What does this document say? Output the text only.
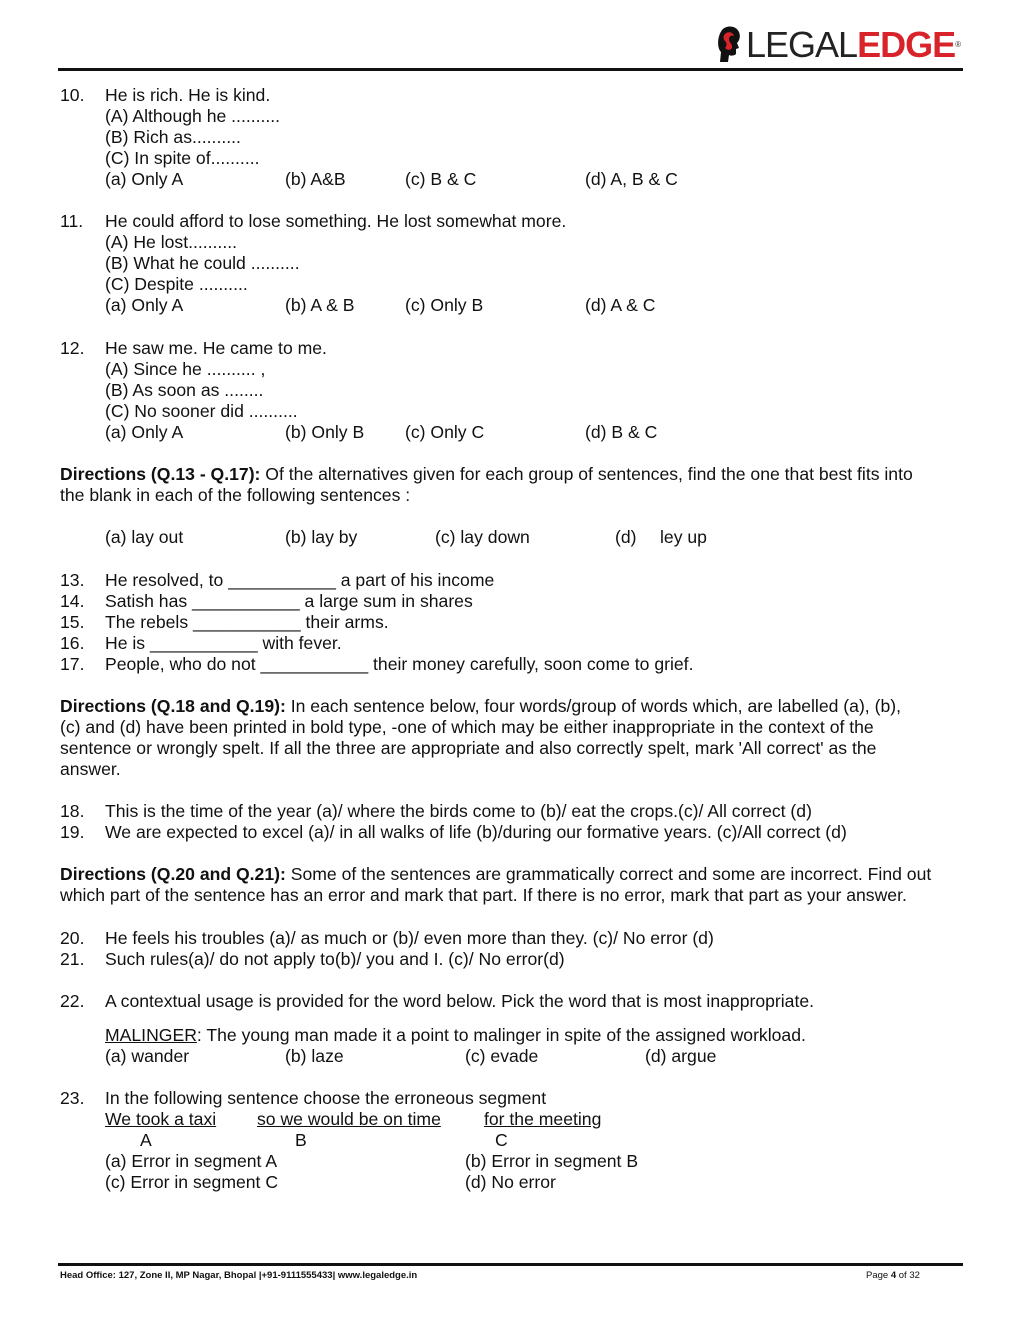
LEGALEDGE®
10. He is rich. He is kind.
(A) Although he ..........
(B) Rich as..........
(C) In spite of..........
(a) Only A	(b) A&B	(c) B & C	(d) A, B & C
11. He could afford to lose something. He lost somewhat more.
(A) He lost..........
(B) What he could ..........
(C) Despite ..........
(a) Only A	(b) A & B	(c) Only B	(d) A & C
12. He saw me. He came to me.
(A) Since he .......... ,
(B) As soon as ........
(C) No sooner did ..........
(a) Only A	(b) Only B (c) Only C	(d) B & C
Directions (Q.13 - Q.17): Of the alternatives given for each group of sentences, find the one that best fits into
the blank in each of the following sentences :
(a) lay out	(b) lay by	(c) lay down	(d) ley up
13. He resolved, to ___________ a part of his income
14. Satish has ___________ a large sum in shares
15. The rebels ___________ their arms.
16. He is ___________ with fever.
17. People, who do not ___________ their money carefully, soon come to grief.
Directions (Q.18 and Q.19): In each sentence below, four words/group of words which, are labelled (a), (b),
(c) and (d) have been printed in bold type, -one of which may be either inappropriate in the context of the
sentence or wrongly spelt. If all the three are appropriate and also correctly spelt, mark 'All correct' as the
answer.
18. This is the time of the year (a)/ where the birds come to (b)/ eat the crops.(c)/ All correct (d)
19. We are expected to excel (a)/ in all walks of life (b)/during our formative years. (c)/All correct (d)
Directions (Q.20 and Q.21): Some of the sentences are grammatically correct and some are incorrect. Find out
which part of the sentence has an error and mark that part. If there is no error, mark that part as your answer.
20. He feels his troubles (a)/ as much or (b)/ even more than they. (c)/ No error (d)
21. Such rules(a)/ do not apply to(b)/ you and I. (c)/ No error(d)
22. A contextual usage is provided for the word below. Pick the word that is most inappropriate.
MALINGER: The young man made it a point to malinger in spite of the assigned workload.
(a) wander	(b) laze	(c) evade	(d) argue
23. In the following sentence choose the erroneous segment
We took a taxi so we would be on time for the meeting
A	B	C
(a) Error in segment A	(b) Error in segment B
(c) Error in segment C	(d) No error
Head Office: 127, Zone II, MP Nagar, Bhopal |+91-9111555433| www.legaledge.in	Page 4 of 32
